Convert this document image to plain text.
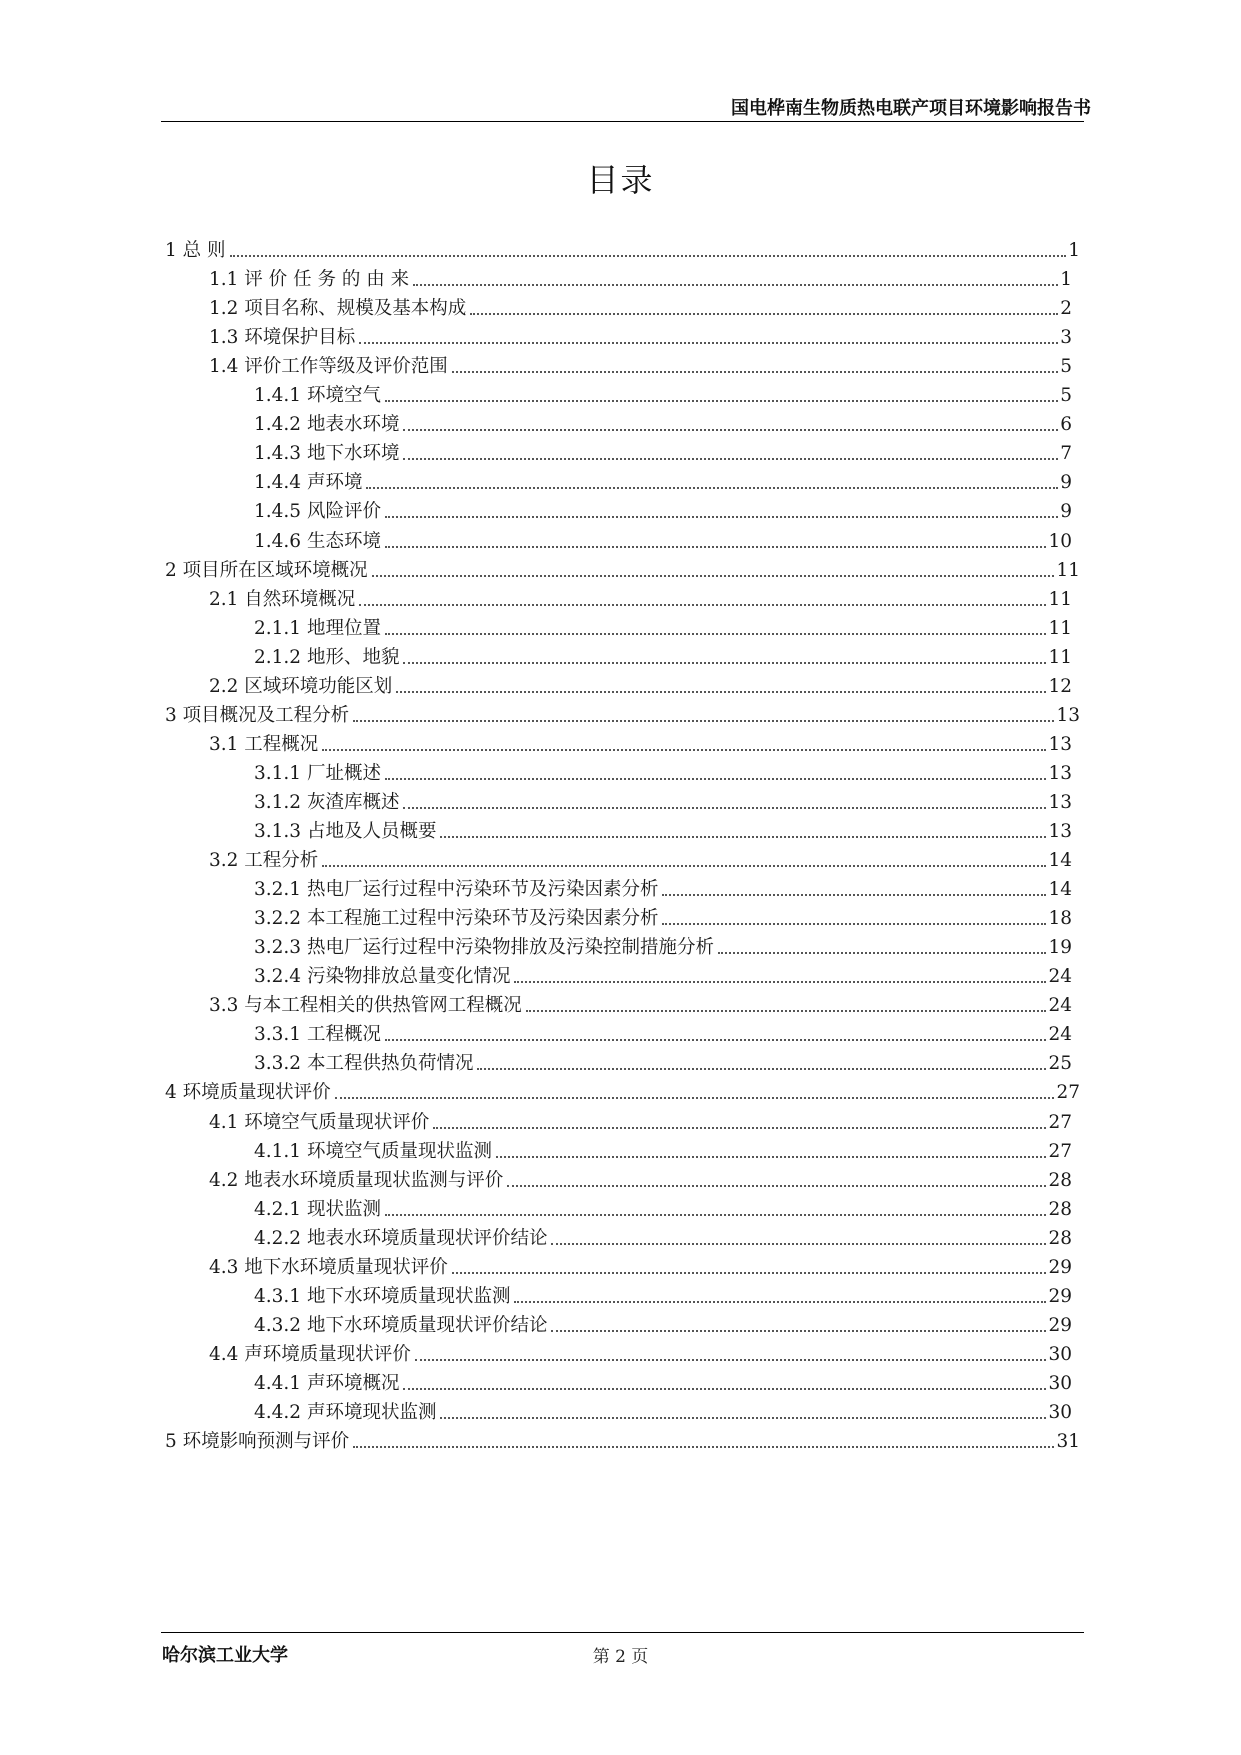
国电桦南生物质热电联产项目环境影响报告书
目录
1 总 则	1
1.1 评 价 任 务 的 由 来	1
1.2 项目名称、规模及基本构成	2
1.3 环境保护目标	3
1.4 评价工作等级及评价范围	5
1.4.1 环境空气	5
1.4.2 地表水环境	6
1.4.3 地下水环境	7
1.4.4 声环境	9
1.4.5 风险评价	9
1.4.6 生态环境	10
2 项目所在区域环境概况	11
2.1 自然环境概况	11
2.1.1 地理位置	11
2.1.2 地形、地貌	11
2.2 区域环境功能区划	12
3 项目概况及工程分析	13
3.1 工程概况	13
3.1.1 厂址概述	13
3.1.2 灰渣库概述	13
3.1.3 占地及人员概要	13
3.2 工程分析	14
3.2.1 热电厂运行过程中污染环节及污染因素分析	14
3.2.2 本工程施工过程中污染环节及污染因素分析	18
3.2.3 热电厂运行过程中污染物排放及污染控制措施分析	19
3.2.4 污染物排放总量变化情况	24
3.3 与本工程相关的供热管网工程概况	24
3.3.1 工程概况	24
3.3.2 本工程供热负荷情况	25
4 环境质量现状评价	27
4.1 环境空气质量现状评价	27
4.1.1 环境空气质量现状监测	27
4.2 地表水环境质量现状监测与评价	28
4.2.1 现状监测	28
4.2.2 地表水环境质量现状评价结论	28
4.3 地下水环境质量现状评价	29
4.3.1 地下水环境质量现状监测	29
4.3.2 地下水环境质量现状评价结论	29
4.4 声环境质量现状评价	30
4.4.1 声环境概况	30
4.4.2 声环境现状监测	30
5 环境影响预测与评价	31
哈尔滨工业大学	第 2 页
